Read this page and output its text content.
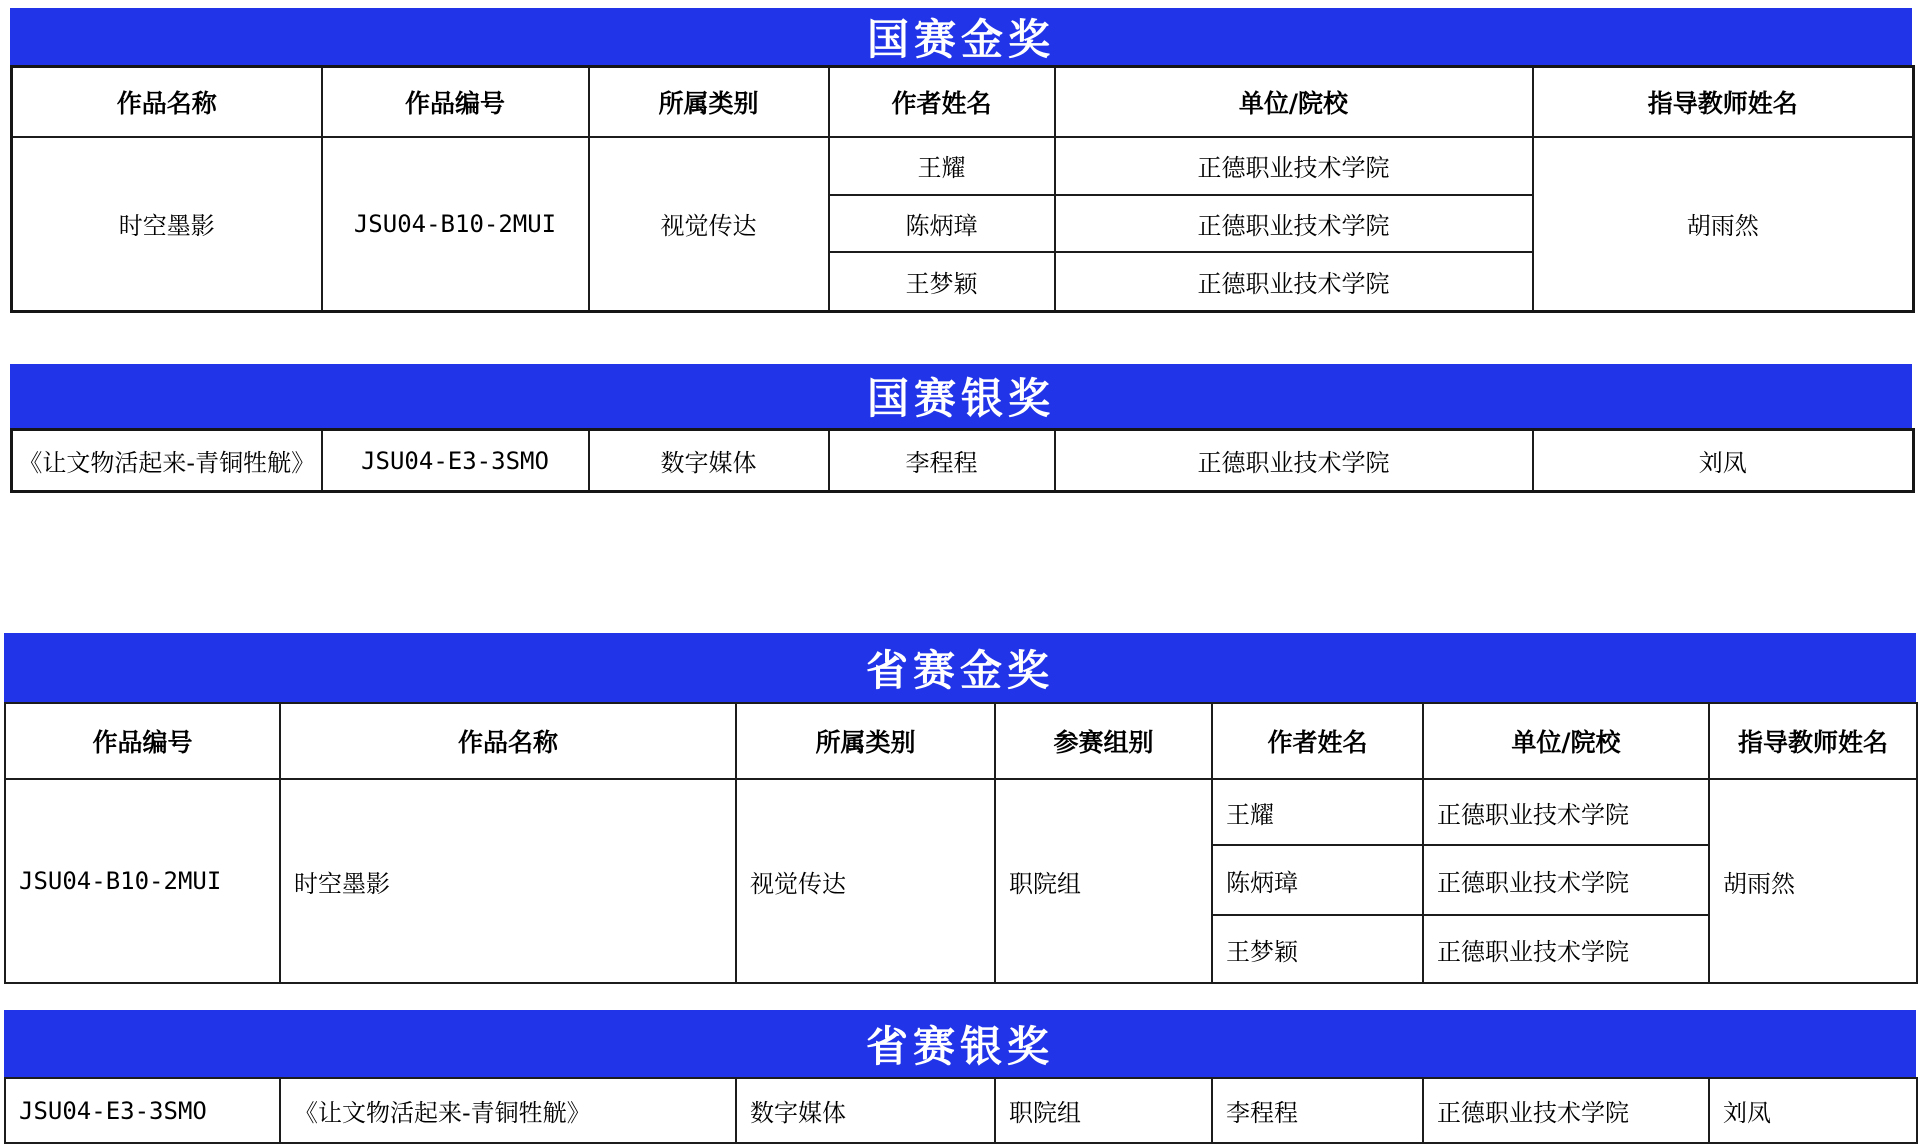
国赛金奖
作品名称	作品编号	所属类别	作者姓名	单位/院校	指导教师姓名
时空墨影	JSU04-B10-2MUI	视觉传达	王耀	正德职业技术学院	胡雨然
			陈炳璋	正德职业技术学院	
			王梦颖	正德职业技术学院	
国赛银奖
《让文物活起来-青铜牲觥》	JSU04-E3-3SMO	数字媒体	李程程	正德职业技术学院	刘凤
省赛金奖
作品编号	作品名称	所属类别	参赛组别	作者姓名	单位/院校	指导教师姓名
JSU04-B10-2MUI	时空墨影	视觉传达	职院组	王耀	正德职业技术学院	胡雨然
				陈炳璋	正德职业技术学院	
				王梦颖	正德职业技术学院	
省赛银奖
JSU04-E3-3SMO	《让文物活起来-青铜牲觥》	数字媒体	职院组	李程程	正德职业技术学院	刘凤
